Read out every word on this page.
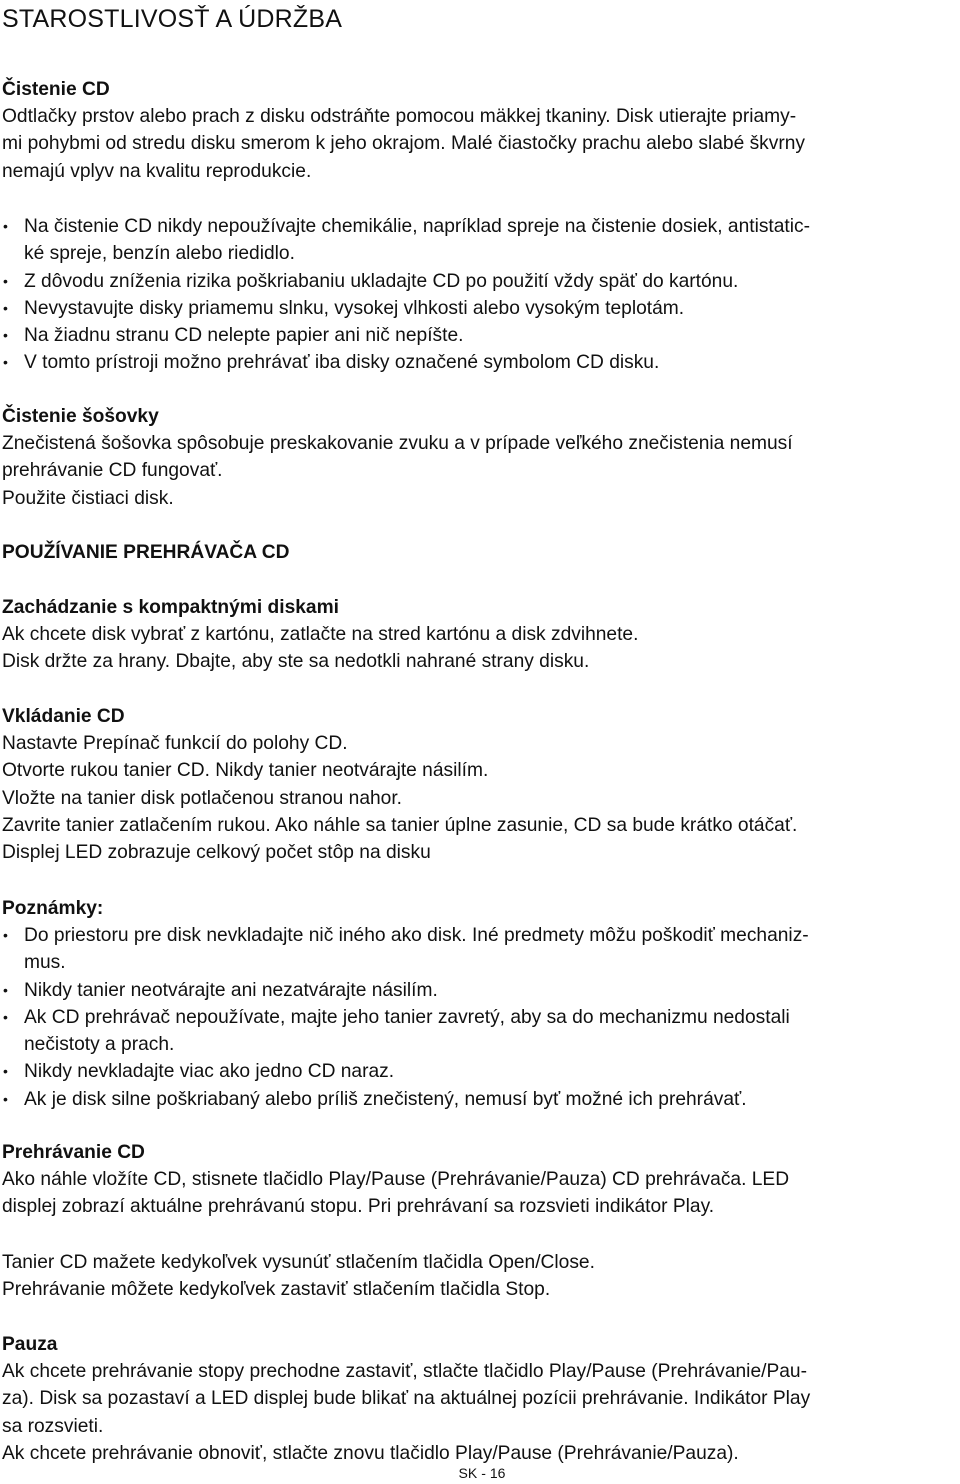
STAROSTLIVOSŤ A ÚDRŽBA
Čistenie CD
Odtlačky prstov alebo prach z disku odstráňte pomocou mäkkej tkaniny. Disk utierajte priamy-
mi pohybmi od stredu disku smerom k jeho okrajom. Malé čiastočky prachu alebo slabé škvrny
nemajú vplyv na kvalitu reprodukcie.
• Na čistenie CD nikdy nepoužívajte chemikálie, napríklad spreje na čistenie dosiek, antistatic-
ké spreje, benzín alebo riedidlo.
• Z dôvodu zníženia rizika poškriabaniu ukladajte CD po použití vždy späť do kartónu.
• Nevystavujte disky priamemu slnku, vysokej vlhkosti alebo vysokým teplotám.
• Na žiadnu stranu CD nelepte papier ani nič nepíšte.
• V tomto prístroji možno prehrávať iba disky označené symbolom CD disku.
Čistenie šošovky
Znečistená šošovka spôsobuje preskakovanie zvuku a v prípade veľkého znečistenia nemusí
prehrávanie CD fungovať.
Použite čistiaci disk.
POUŽÍVANIE PREHRÁVAČA CD
Zachádzanie s kompaktnými diskami
Ak chcete disk vybrať z kartónu, zatlačte na stred kartónu a disk zdvihnete.
Disk držte za hrany. Dbajte, aby ste sa nedotkli nahrané strany disku.
Vkládanie CD
Nastavte Prepínač funkcií do polohy CD.
Otvorte rukou tanier CD. Nikdy tanier neotvárajte násilím.
Vložte na tanier disk potlačenou stranou nahor.
Zavrite tanier zatlačením rukou. Ako náhle sa tanier úplne zasunie, CD sa bude krátko otáčať.
Displej LED zobrazuje celkový počet stôp na disku
Poznámky:
• Do priestoru pre disk nevkladajte nič iného ako disk. Iné predmety môžu poškodiť mechaniz-
mus.
• Nikdy tanier neotvárajte ani nezatvárajte násilím.
• Ak CD prehrávač nepoužívate, majte jeho tanier zavretý, aby sa do mechanizmu nedostali
nečistoty a prach.
• Nikdy nevkladajte viac ako jedno CD naraz.
• Ak je disk silne poškriabaný alebo príliš znečistený, nemusí byť možné ich prehrávať.
Prehrávanie CD
Ako náhle vložíte CD, stisnete tlačidlo Play/Pause (Prehrávanie/Pauza) CD prehrávača. LED
displej zobrazí aktuálne prehrávanú stopu. Pri prehrávaní sa rozsvieti indikátor Play.
Tanier CD mažete kedykoľvek vysunúť stlačením tlačidla Open/Close.
Prehrávanie môžete kedykoľvek zastaviť stlačením tlačidla Stop.
Pauza
Ak chcete prehrávanie stopy prechodne zastaviť, stlačte tlačidlo Play/Pause (Prehrávanie/Pau-
za). Disk sa pozastaví a LED displej bude blikať na aktuálnej pozícii prehrávanie. Indikátor Play
sa rozsvieti.
Ak chcete prehrávanie obnoviť, stlačte znovu tlačidlo Play/Pause (Prehrávanie/Pauza).
SK - 16
